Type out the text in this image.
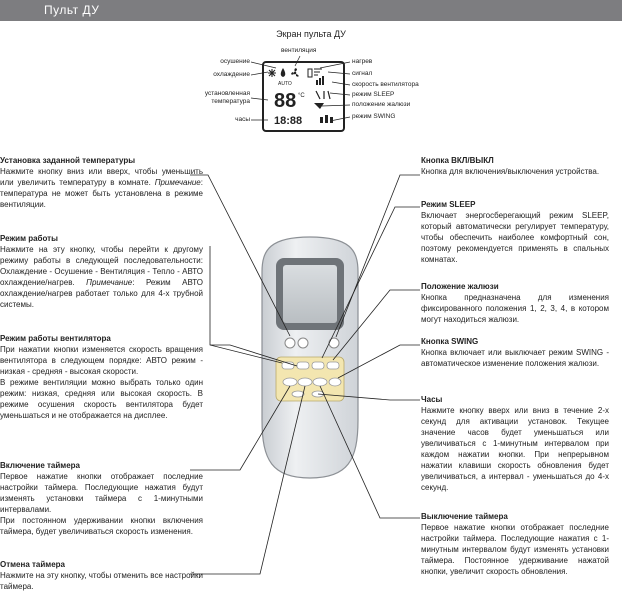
Пульт ДУ
Экран пульта ДУ
вентиляция
осушение
охлаждение
установленная температура
часы
нагрев
сигнал
скорость вентилятора
режим SLEEP
положение жалюзи
режим SWING
AUTO
88 °C
18:88
Установка заданной температуры
Нажмите кнопку вниз или вверх, чтобы уменьшить или увеличить температуру в комнате. Примечание: температура не может быть установлена в режиме вентиляции.
Режим работы
Нажмите на эту кнопку, чтобы перейти к другому режиму работы в следующей последовательности: Охлаждение - Осушение - Вентиляция - Тепло - АВТО охлаждение/нагрев. Примечание: Режим АВТО охлаждение/нагрев работает только для 4-х трубной системы.
Режим работы вентилятора
При нажатии кнопки изменяется скорость вращения вентилятора в следующем порядке: АВТО режим - низкая - средняя - высокая скорости.
В режиме вентиляции можно выбрать только один режим: низкая, средняя или высокая скорость. В режиме осушения скорость вентилятора будет уменьшаться и не отображается на дисплее.
Включение таймера
Первое нажатие кнопки отображает последние настройки таймера. Последующие нажатия будут изменять установки таймера с 1-минутными интервалами.
При постоянном удерживании кнопки включения таймера, будет увеличиваться скорость изменения.
Отмена таймера
Нажмите на эту кнопку, чтобы отменить все настройки таймера.
Кнопка ВКЛ/ВЫКЛ
Кнопка для включения/выключения устройства.
Режим SLEEP
Включает энергосберегающий режим SLEEP, который автоматически регулирует температуру, чтобы обеспечить наиболее комфортный сон, поэтому рекомендуется применять в спальных комнатах.
Положение жалюзи
Кнопка предназначена для изменения фиксированного положения 1, 2, 3, 4, в котором могут находиться жалюзи.
Кнопка SWING
Кнопка включает или выключает режим SWING - автоматическое изменение положения жалюзи.
Часы
Нажмите кнопку вверх или вниз в течение 2-х секунд для активации установок. Текущее значение часов будет уменьшаться или увеличиваться с 1-минутным интервалом при каждом нажатии кнопки. При непрерывном нажатии клавиши скорость обновления будет увеличиваться, а интервал - уменьшаться до 4-х секунд.
Выключение таймера
Первое нажатие кнопки отображает последние настройки таймера. Последующие нажатия с 1-минутным интервалом будут изменять установки таймера. Постоянное удерживание нажатой кнопки, увеличит скорость обновления.
